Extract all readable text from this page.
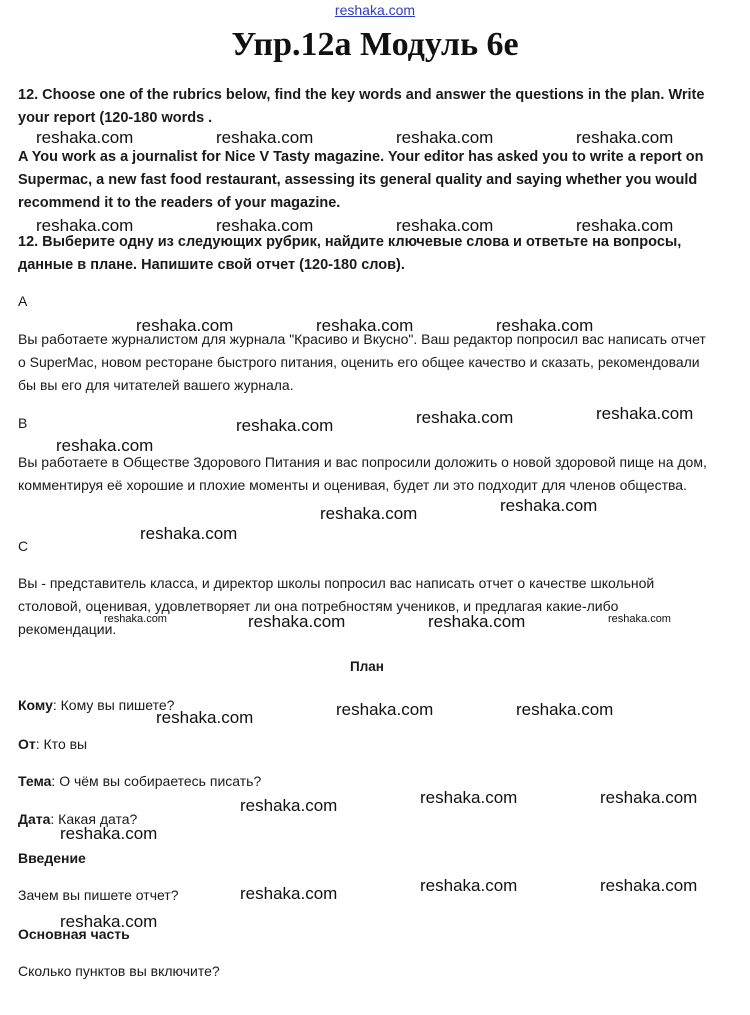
reshaka.com
Упр.12а Модуль 6е
12. Choose one of the rubrics below, find the key words and answer the questions in the plan. Write your report (120-180 words .
A You work as a journalist for Nice V Tasty magazine. Your editor has asked you to write a report on Supermac, a new fast food restaurant, assessing its general quality and saying whether you would recommend it to the readers of your magazine.
12. Выберите одну из следующих рубрик, найдите ключевые слова и ответьте на вопросы, данные в плане. Напишите свой отчет (120-180 слов).
A
Вы работаете журналистом для журнала "Красиво и Вкусно". Ваш редактор попросил вас написать отчет о SuperMac, новом ресторане быстрого питания, оценить его общее качество и сказать, рекомендовали бы вы его для читателей вашего журнала.
B
Вы работаете в Обществе Здорового Питания и вас попросили доложить о новой здоровой пище на дом, комментируя её хорошие и плохие моменты и оценивая, будет ли это подходит для членов общества.
C
Вы - представитель класса, и директор школы попросил вас написать отчет о качестве школьной столовой, оценивая, удовлетворяет ли она потребностям учеников, и предлагая какие-либо рекомендации.
План
Кому: Кому вы пишете?
От: Кто вы
Тема: О чём вы собираетесь писать?
Дата: Какая дата?
Введение
Зачем вы пишете отчет?
Основная часть
Сколько пунктов вы включите?
reshaka.com	reshaka.com	reshaka.com	reshaka.com
reshaka.com	reshaka.com	reshaka.com	reshaka.com
reshaka.com	reshaka.com	reshaka.com
reshaka.com	reshaka.com
reshaka.com
reshaka.com
reshaka.com	reshaka.com
reshaka.com
reshaka.com	reshaka.com	reshaka.com	reshaka.com
reshaka.com	reshaka.com
reshaka.com
reshaka.com	reshaka.com
reshaka.com
reshaka.com
reshaka.com	reshaka.com
reshaka.com
reshaka.com
